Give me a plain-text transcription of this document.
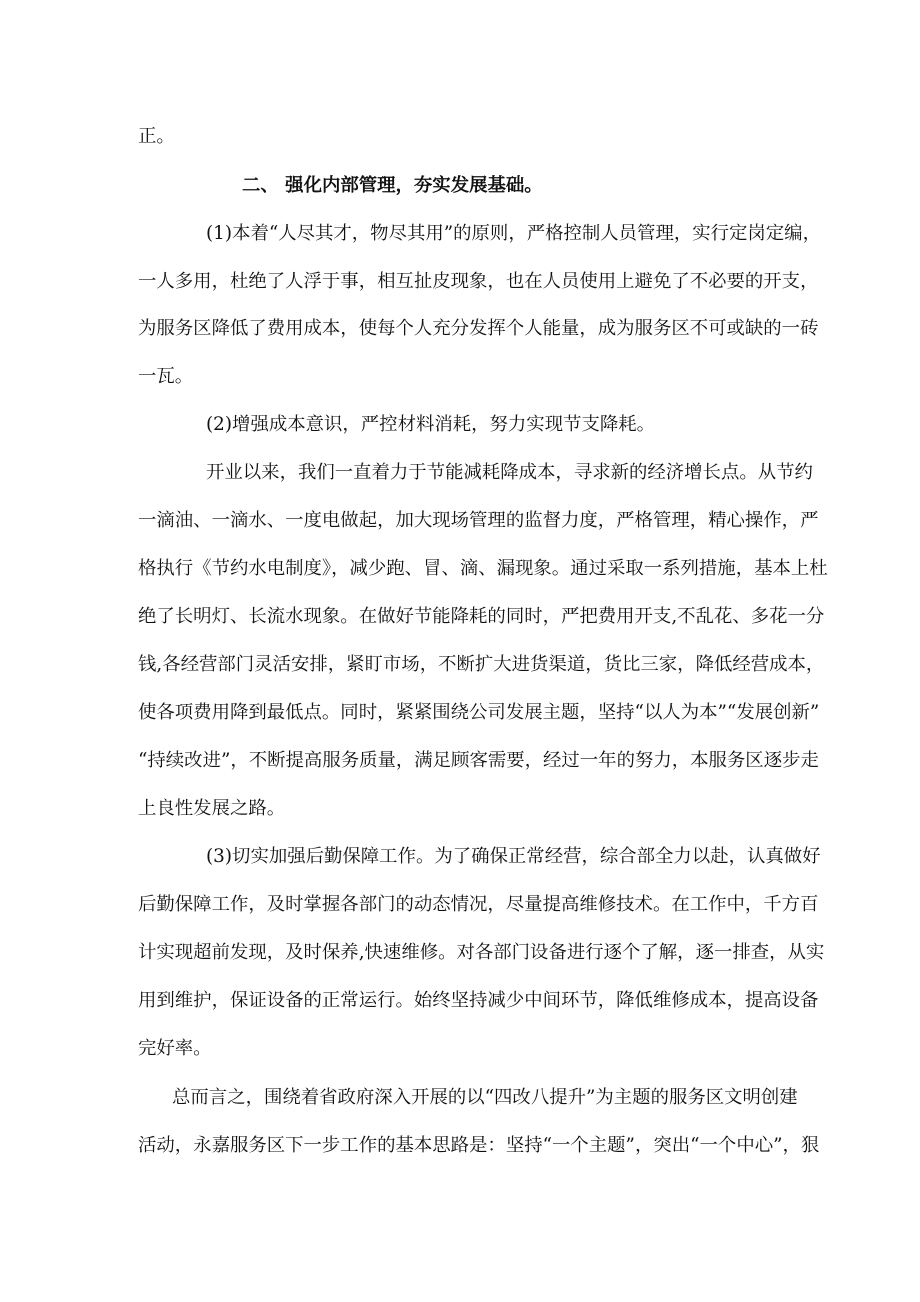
正。
二、 强化内部管理，夯实发展基础。
(1)本着“人尽其才，物尽其用”的原则，严格控制人员管理，实行定岗定编，
一人多用，杜绝了人浮于事，相互扯皮现象，也在人员使用上避免了不必要的开支，
为服务区降低了费用成本，使每个人充分发挥个人能量，成为服务区不可或缺的一砖
一瓦。
(2)增强成本意识，严控材料消耗，努力实现节支降耗。
开业以来，我们一直着力于节能减耗降成本，寻求新的经济增长点。从节约
一滴油、一滴水、一度电做起，加大现场管理的监督力度，严格管理，精心操作，严
格执行《节约水电制度》，减少跑、冒、滴、漏现象。通过采取一系列措施，基本上杜
绝了长明灯、长流水现象。在做好节能降耗的同时，严把费用开支,不乱花、多花一分
钱,各经营部门灵活安排，紧盯市场，不断扩大进货渠道，货比三家，降低经营成本，
使各项费用降到最低点。同时，紧紧围绕公司发展主题，坚持“以人为本”“发展创新”
“持续改进”，不断提高服务质量，满足顾客需要，经过一年的努力，本服务区逐步走
上良性发展之路。
(3)切实加强后勤保障工作。为了确保正常经营，综合部全力以赴，认真做好
后勤保障工作，及时掌握各部门的动态情况，尽量提高维修技术。在工作中，千方百
计实现超前发现，及时保养,快速维修。对各部门设备进行逐个了解，逐一排查，从实
用到维护，保证设备的正常运行。始终坚持减少中间环节，降低维修成本，提高设备
完好率。
总而言之，围绕着省政府深入开展的以“四改八提升”为主题的服务区文明创建
活动，永嘉服务区下一步工作的基本思路是：坚持“一个主题”，突出“一个中心”，狠
